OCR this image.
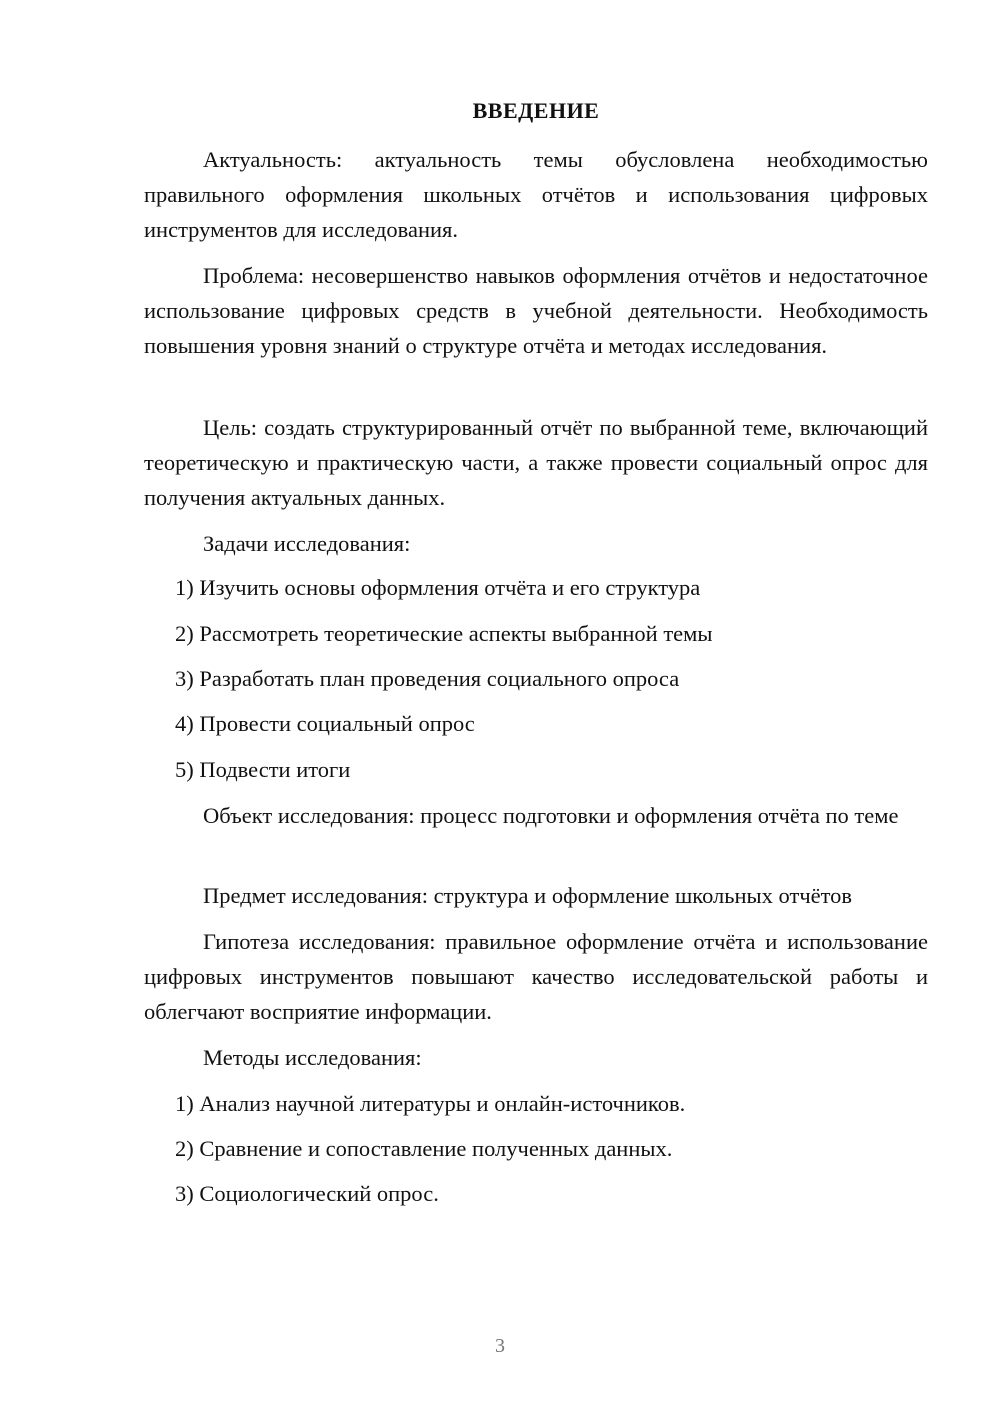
ВВЕДЕНИЕ

Актуальность: актуальность темы обусловлена необходимостью правильного оформления школьных отчётов и использования цифровых инструментов для исследования.

Проблема: несовершенство навыков оформления отчётов и недостаточное использование цифровых средств в учебной деятельности. Необходимость повышения уровня знаний о структуре отчёта и методах исследования.

Цель: создать структурированный отчёт по выбранной теме, включающий теоретическую и практическую части, а также провести социальный опрос для получения актуальных данных.

Задачи исследования:

1) Изучить основы оформления отчёта и его структура
2) Рассмотреть теоретические аспекты выбранной темы
3) Разработать план проведения социального опроса
4) Провести социальный опрос
5) Подвести итоги

Объект исследования: процесс подготовки и оформления отчёта по теме

Предмет исследования: структура и оформление школьных отчётов

Гипотеза исследования: правильное оформление отчёта и использование цифровых инструментов повышают качество исследовательской работы и облегчают восприятие информации.

Методы исследования:

1) Анализ научной литературы и онлайн-источников.
2) Сравнение и сопоставление полученных данных.
3) Социологический опрос.
3
